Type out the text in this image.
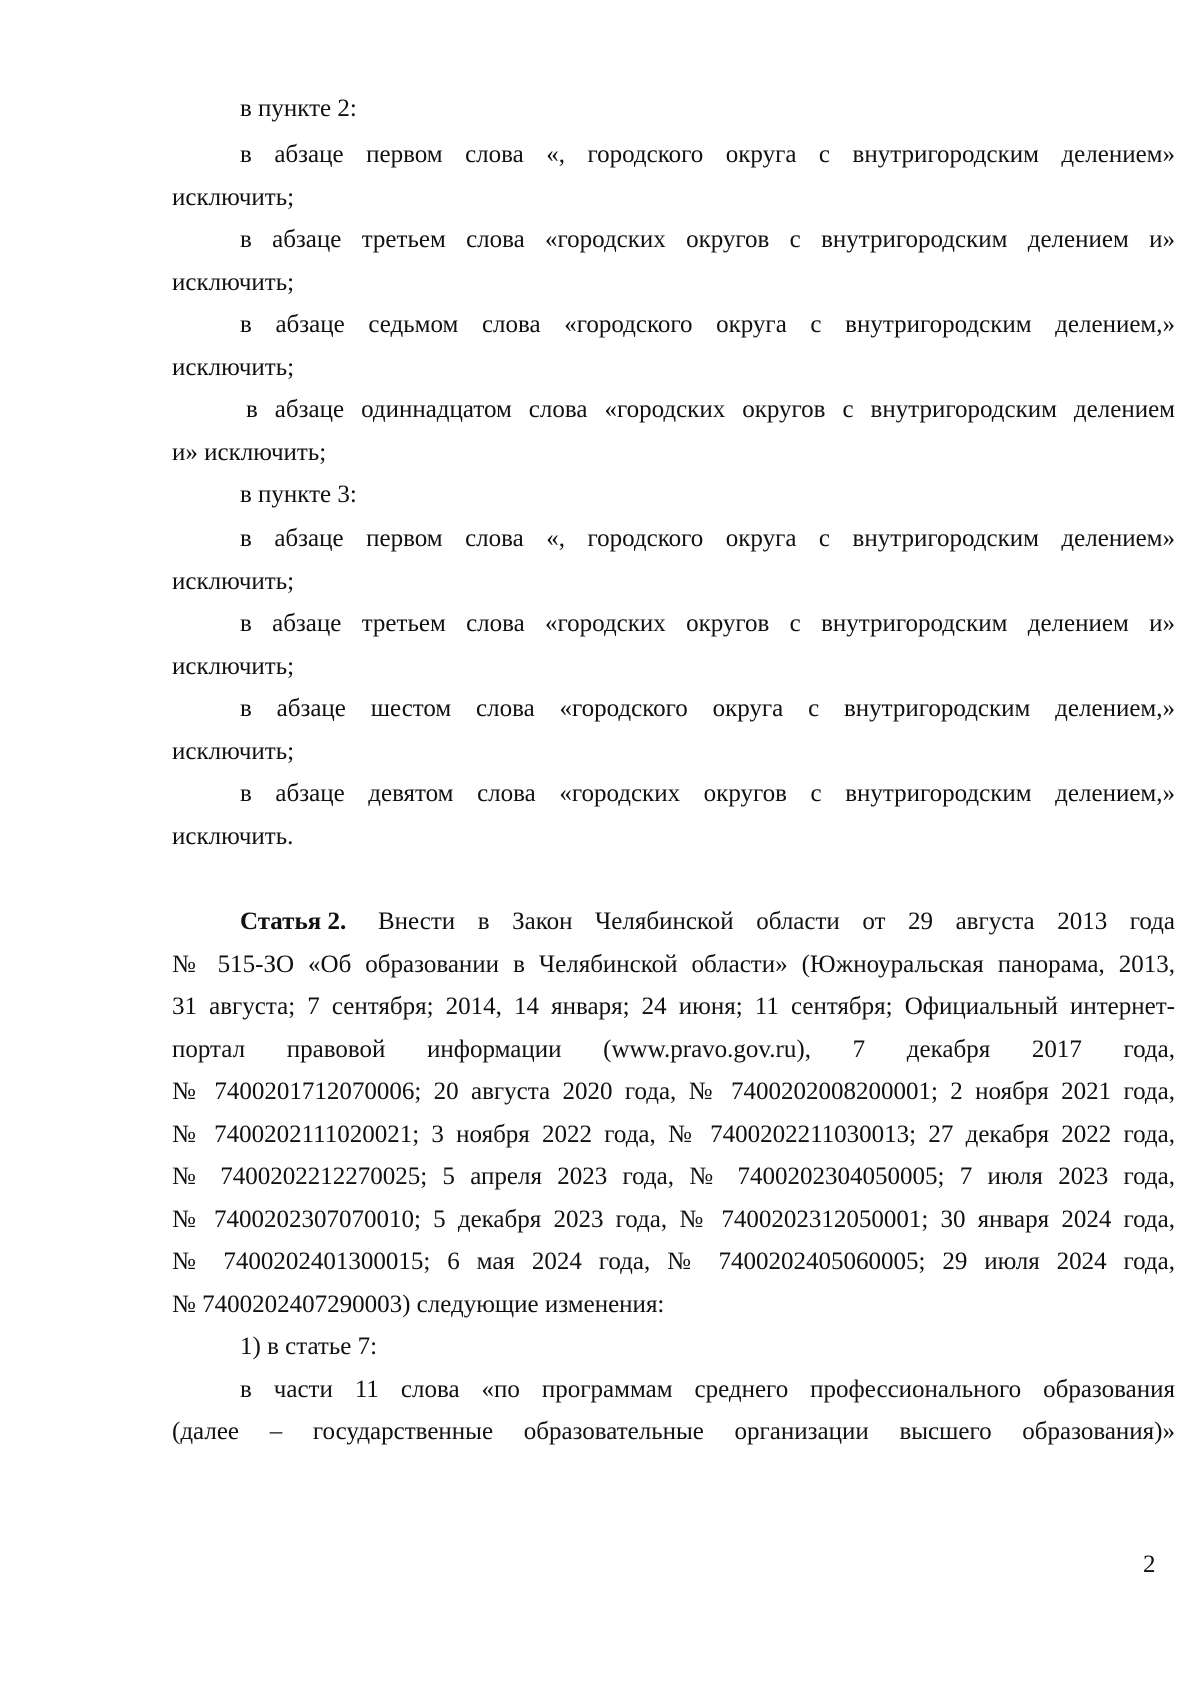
в пункте 2:

в абзаце первом слова «, городского округа с внутригородским делением»

исключить;

в абзаце третьем слова «городских округов с внутригородским делением и»

исключить;

в абзаце седьмом слова «городского округа с внутригородским делением,»

исключить;

в абзаце одиннадцатом слова «городских округов с внутригородским делением

и» исключить;

в пункте 3:

в абзаце первом слова «, городского округа с внутригородским делением»

исключить;

в абзаце третьем слова «городских округов с внутригородским делением и»

исключить;

в абзаце шестом слова «городского округа с внутригородским делением,»

исключить;

в абзаце девятом слова «городских округов с внутригородским делением,»

исключить.

Статья 2. Внести в Закон Челябинской области от 29 августа 2013 года

№ 515-ЗО «Об образовании в Челябинской области» (Южноуральская панорама, 2013,

31 августа; 7 сентября; 2014, 14 января; 24 июня; 11 сентября; Официальный интернет-

портал правовой информации (www.pravo.gov.ru), 7 декабря 2017 года,

№ 7400201712070006; 20 августа 2020 года, № 7400202008200001; 2 ноября 2021 года,

№ 7400202111020021; 3 ноября 2022 года, № 7400202211030013; 27 декабря 2022 года,

№ 7400202212270025; 5 апреля 2023 года, № 7400202304050005; 7 июля 2023 года,

№ 7400202307070010; 5 декабря 2023 года, № 7400202312050001; 30 января 2024 года,

№ 7400202401300015; 6 мая 2024 года, № 7400202405060005; 29 июля 2024 года,

№ 7400202407290003) следующие изменения:

1) в статье 7:

в части 11 слова «по программам среднего профессионального образования

(далее – государственные образовательные организации высшего образования)»

2
